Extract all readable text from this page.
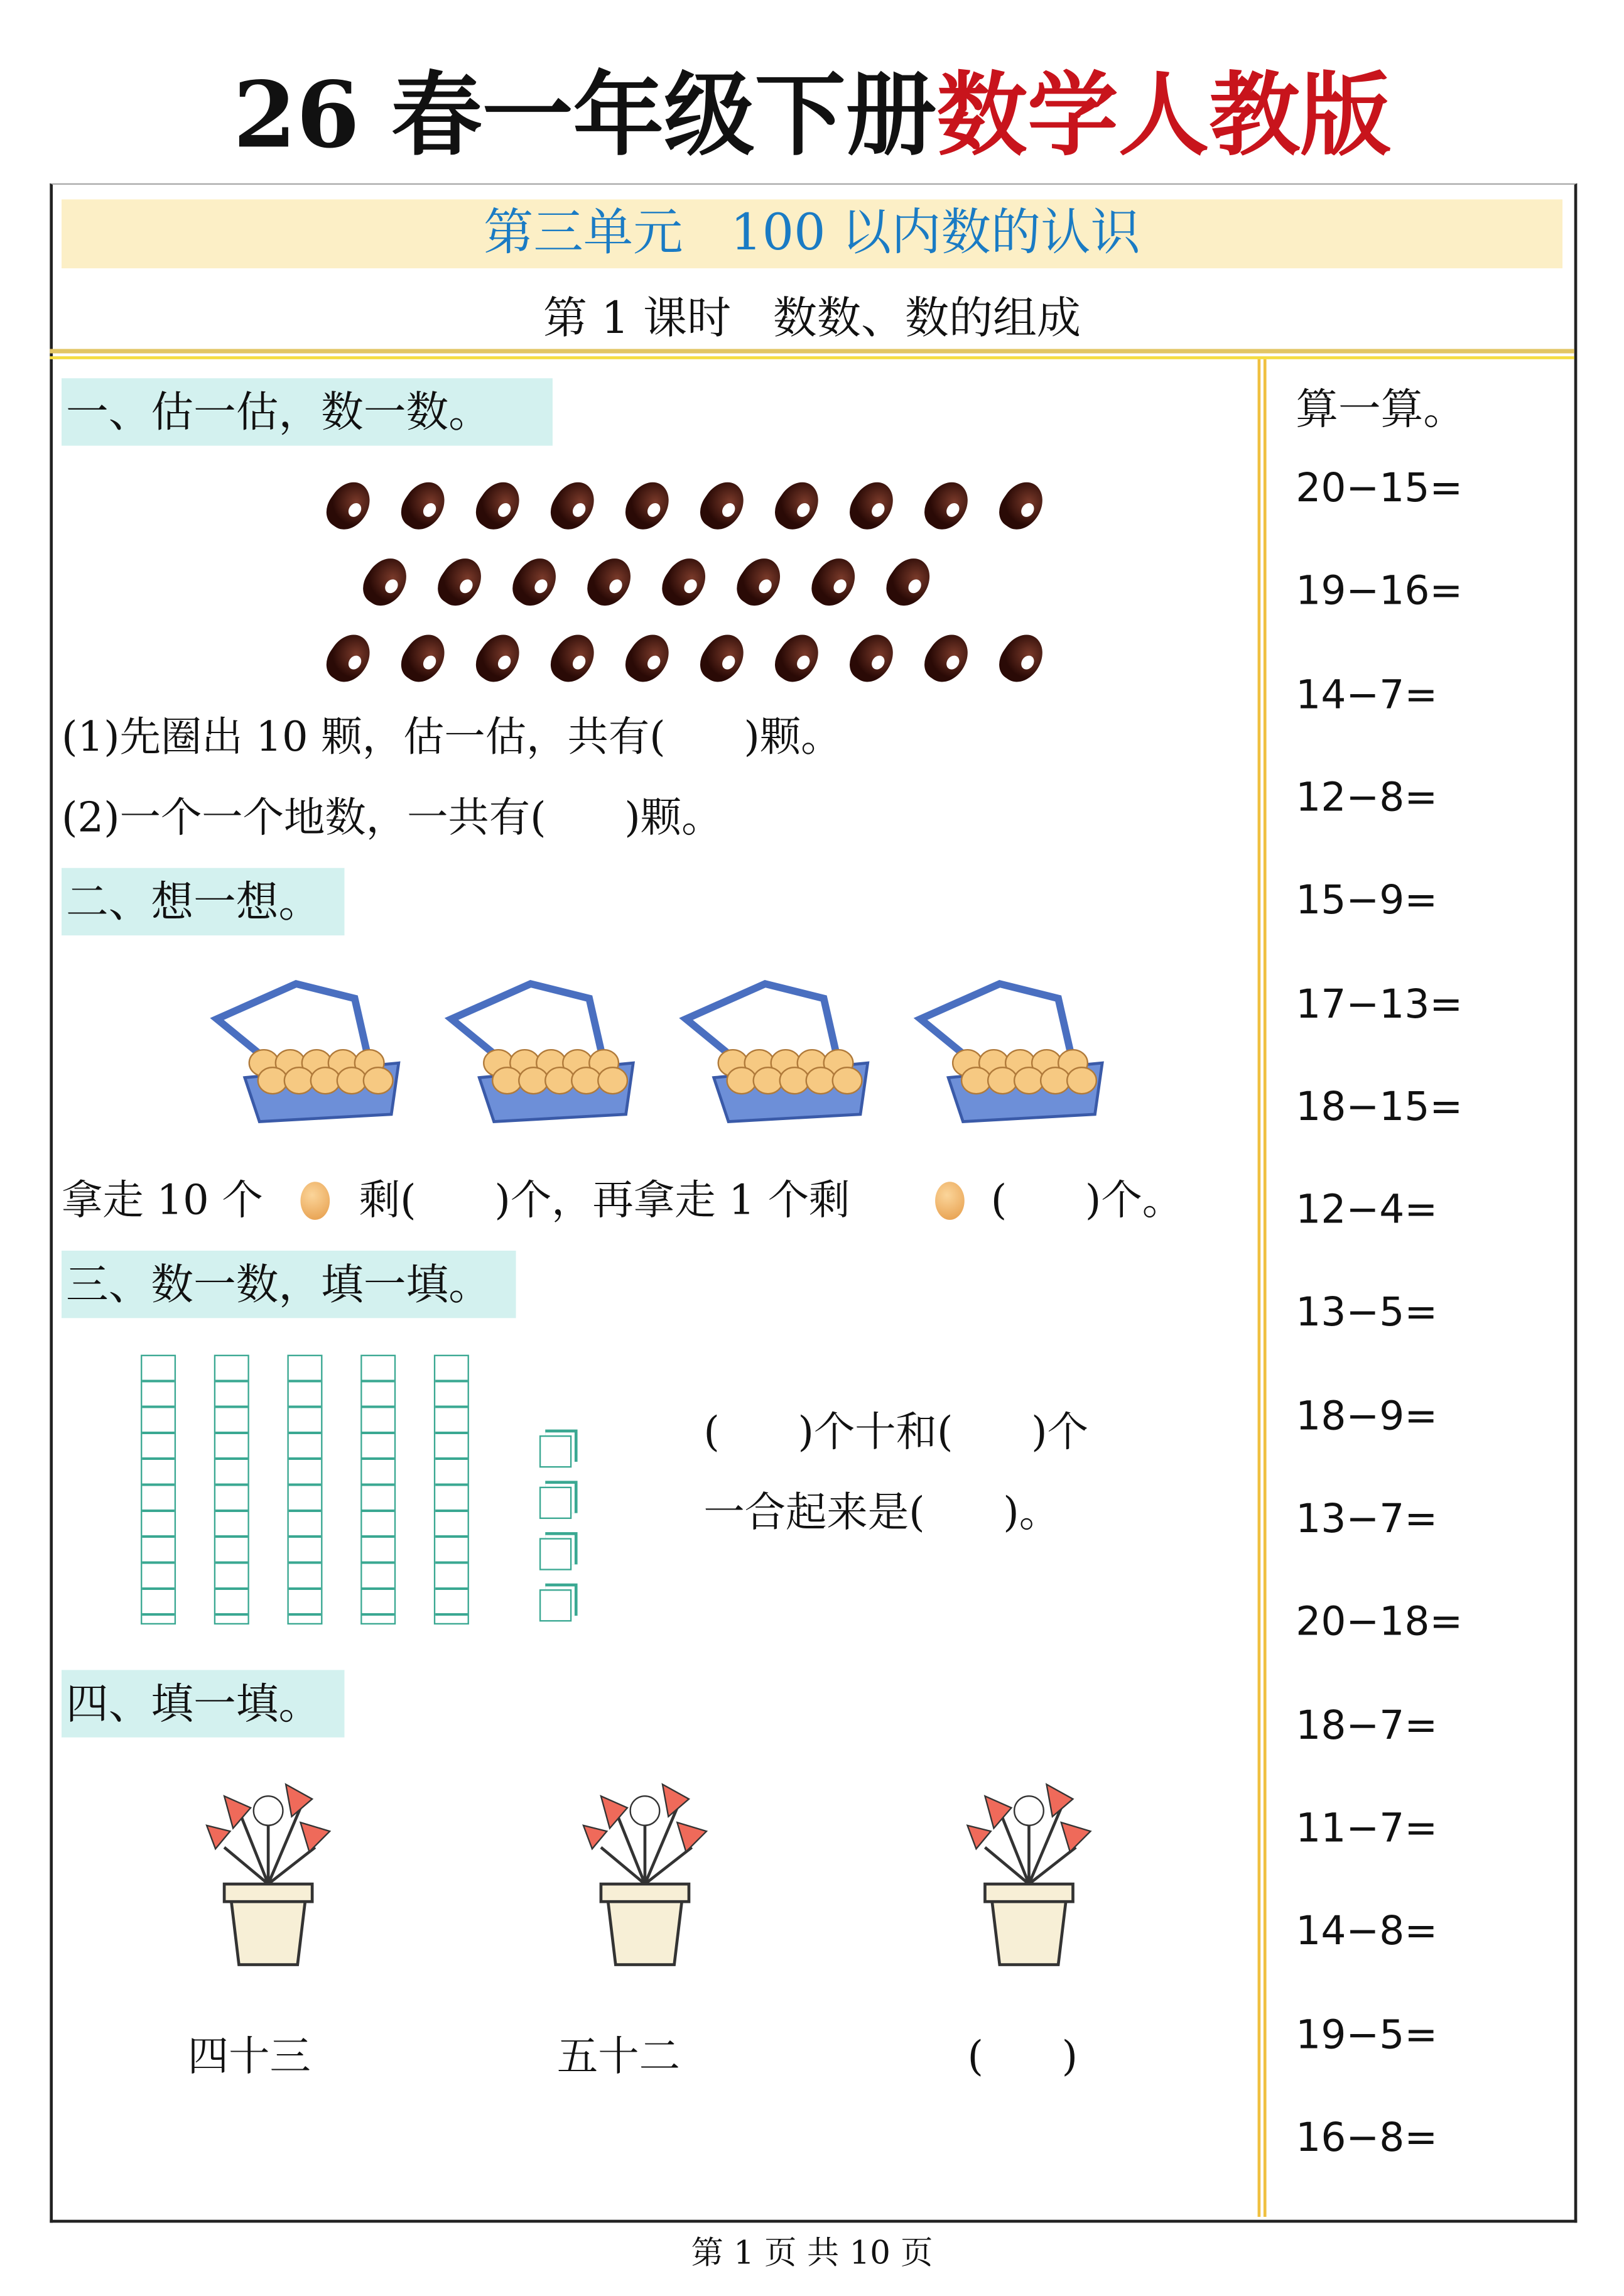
26 春一年级下册数学人教版
第三单元   100 以内数的认识
第 1 课时   数数、数的组成
一、估一估，数一数。
(1)先圈出 10 颗，估一估，共有(      )颗。
(2)一个一个地数，一共有(      )颗。
二、想一想。
拿走 10 个	剩(      )个，再拿走 1 个剩	(      )个。
三、数一数，填一填。
(      )个十和(      )个
一合起来是(      )。
四、填一填。
四十三	五十二	(      )
算一算。
第 1 页 共 10 页
20−15=
19−16=
14−7=
12−8=
15−9=
17−13=
18−15=
12−4=
13−5=
18−9=
13−7=
20−18=
18−7=
11−7=
14−8=
19−5=
16−8=
